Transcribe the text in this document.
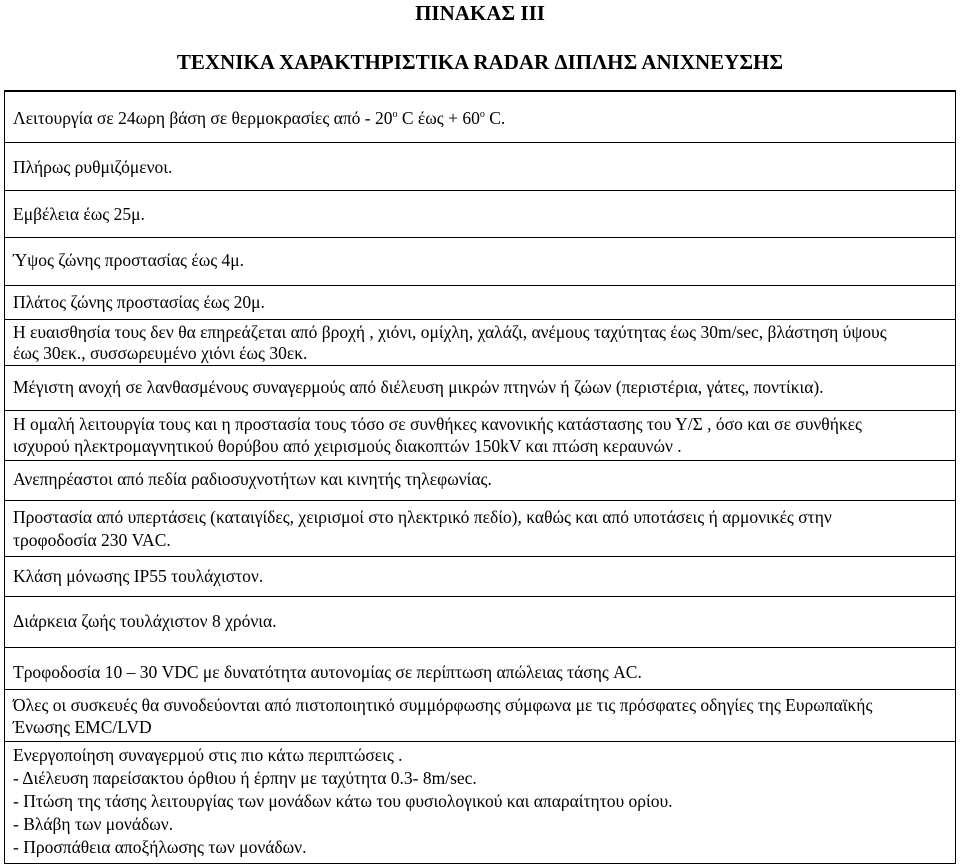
ΠΙΝΑΚΑΣ ΙΙΙ
ΤΕΧΝΙΚΑ ΧΑΡΑΚΤΗΡΙΣΤΙΚΑ RADAR ΔΙΠΛΗΣ ΑΝΙΧΝΕΥΣΗΣ
Λειτουργία σε 24ωρη βάση σε θερμοκρασίες από - $20^o$ C $έ\omega\varsigma + 60^o$ C.
Πλήρως ρυθμιζόμενοι.
Εμβέλεια έως 25μ.
Ύψος ζώνης προστασίας έως 4μ.
Πλάτος ζώνης προστασίας έως 20μ.
Η ευαισθησία τους δεν θα επηρεάζεται από βροχή , χιόνι, ομίχλη, χαλάζι, ανέμους ταχύτητας έως 30m/sec, βλάστηση ύψους
έως 30εκ., συσσωρευμένο χιόνι έως 30εκ.
Μέγιστη ανοχή σε λανθασμένους συναγερμούς από διέλευση μικρών πτηνών ή ζώων (περιστέρια, γάτες, ποντίκια).
Η ομαλή λειτουργία τους και η προστασία τους τόσο σε συνθήκες κανονικής κατάστασης του Υ/Σ , όσο και σε συνθήκες
ισχυρού ηλεκτρομαγνητικού θορύβου από χειρισμούς διακοπτών 150kV και πτώση κεραυνών .
Ανεπηρέαστοι από πεδία ραδιοσυχνοτήτων και κινητής τηλεφωνίας.
Προστασία από υπερτάσεις (καταιγίδες, χειρισμοί στο ηλεκτρικό πεδίο), καθώς και από υποτάσεις ή αρμονικές στην
τροφοδοσία 230 VAC.
Κλάση μόνωσης IP55 τουλάχιστον.
Διάρκεια ζωής τουλάχιστον 8 χρόνια.
Τροφοδοσία 10 – 30 VDC με δυνατότητα αυτονομίας σε περίπτωση απώλειας τάσης AC.
Όλες οι συσκευές θα συνοδεύονται από πιστοποιητικό συμμόρφωσης σύμφωνα με τις πρόσφατες οδηγίες της Ευρωπαϊκής
Ένωσης EMC/LVD
Ενεργοποίηση συναγερμού στις πιο κάτω περιπτώσεις .
- Διέλευση παρείσακτου όρθιου ή έρπην με ταχύτητα 0.3- 8m/sec.
- Πτώση της τάσης λειτουργίας των μονάδων κάτω του φυσιολογικού και απαραίτητου ορίου.
- Βλάβη των μονάδων.
- Προσπάθεια αποξήλωσης των μονάδων.
